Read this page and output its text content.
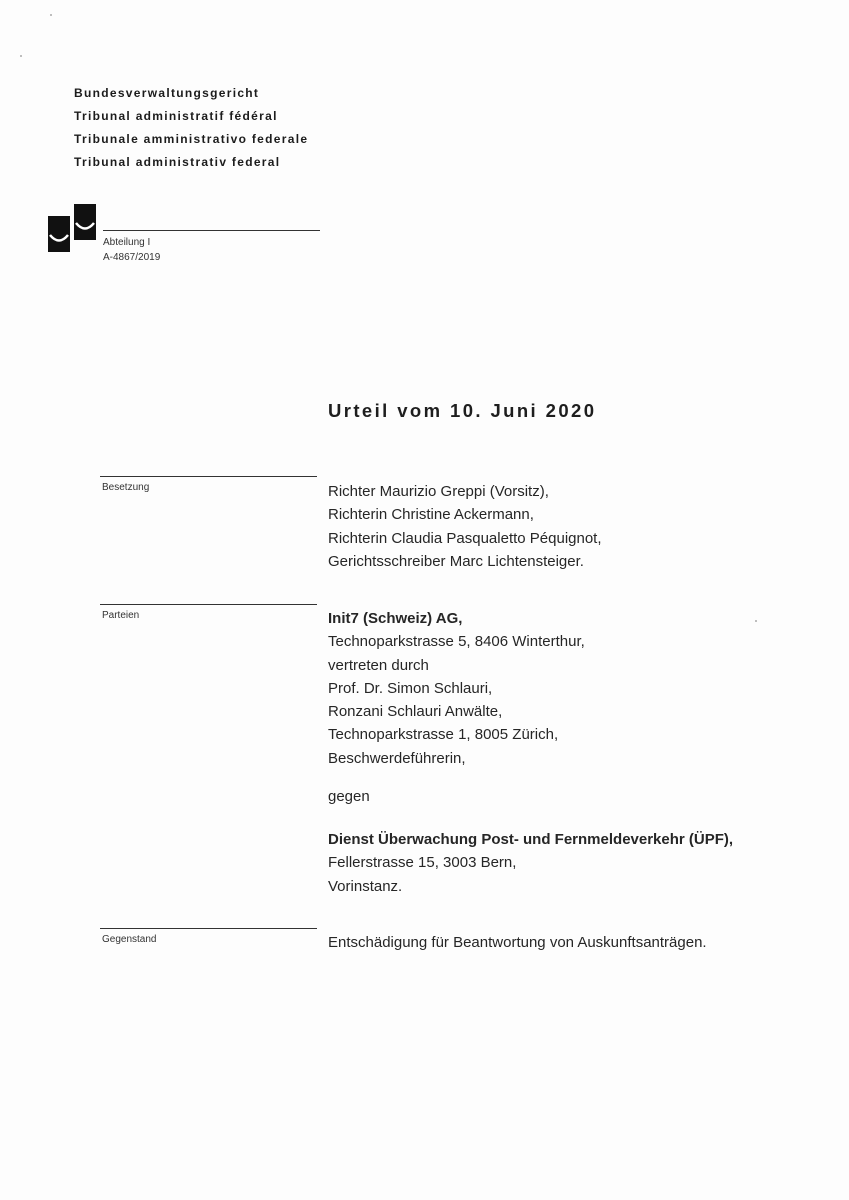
Bundesverwaltungsgericht
Tribunal administratif fédéral
Tribunale amministrativo federale
Tribunal administrativ federal
Abteilung I
A-4867/2019
Urteil vom 10. Juni 2020
Besetzung	Richter Maurizio Greppi (Vorsitz),
Richterin Christine Ackermann,
Richterin Claudia Pasqualetto Péquignot,
Gerichtsschreiber Marc Lichtensteiger.
Parteien	Init7 (Schweiz) AG,
Technoparkstrasse 5, 8406 Winterthur,
vertreten durch
Prof. Dr. Simon Schlauri,
Ronzani Schlauri Anwälte,
Technoparkstrasse 1, 8005 Zürich,
Beschwerdeführerin,
gegen
Dienst Überwachung Post- und Fernmeldeverkehr (ÜPF),
Fellerstrasse 15, 3003 Bern,
Vorinstanz.
Gegenstand	Entschädigung für Beantwortung von Auskunftsanträgen.
